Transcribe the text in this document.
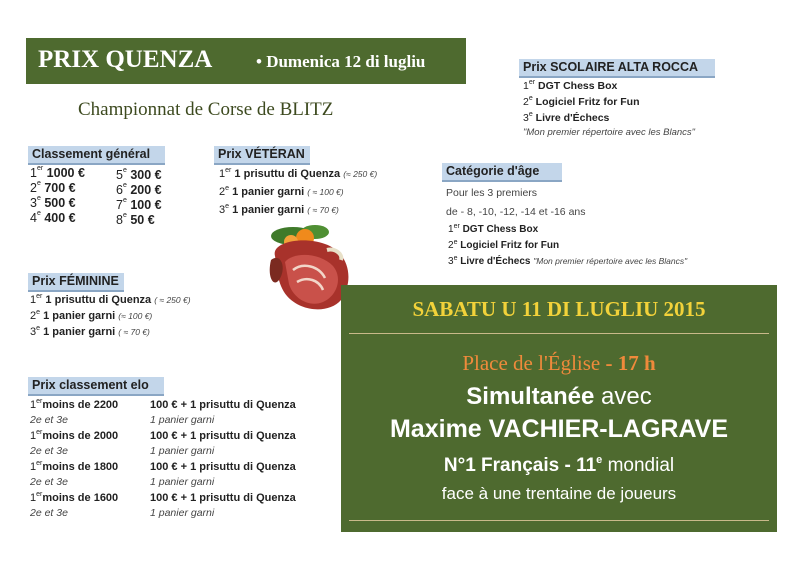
PRIX QUENZA	• Dumenica 12 di lugliu
Championnat de Corse de BLITZ
Classement général
1er 1000 €
2e 700 €
3e 500 €
4e 400 €
5e 300 €
6e 200 €
7e 100 €
8e 50 €
Prix VÉTÉRAN
1er 1 prisuttu di Quenza (≈ 250 €)
2e 1 panier garni ( ≈ 100 €)
3e 1 panier garni ( ≈ 70 €)
Prix SCOLAIRE ALTA ROCCA
1er DGT Chess Box
2e Logiciel Fritz for Fun
3e Livre d'Échecs
"Mon premier répertoire avec les Blancs"
Catégorie d'âge
Pour les 3 premiers
de - 8, -10, -12, -14 et -16 ans
1er DGT Chess Box
2e Logiciel Fritz for Fun
3e Livre d'Échecs "Mon premier répertoire avec les Blancs"
Prix FÉMININE
1er 1 prisuttu di Quenza ( ≈ 250 €)
2e 1 panier garni (≈ 100 €)
3e 1 panier garni ( ≈ 70 €)
Prix classement elo
1ermoins de 2200	100 € + 1 prisuttu di Quenza
2e et 3e	1 panier garni
1ermoins de 2000	100 € + 1 prisuttu di Quenza
2e et 3e	1 panier garni
1ermoins de 1800	100 € + 1 prisuttu di Quenza
2e et 3e	1 panier garni
1ermoins de 1600	100 € + 1 prisuttu di Quenza
2e et 3e	1 panier garni
SABATU U 11 DI LUGLIU 2015
Place de l'Église - 17 h
Simultanée avec
Maxime VACHIER-LAGRAVE
N°1 Français - 11e mondial
face à une trentaine de joueurs
